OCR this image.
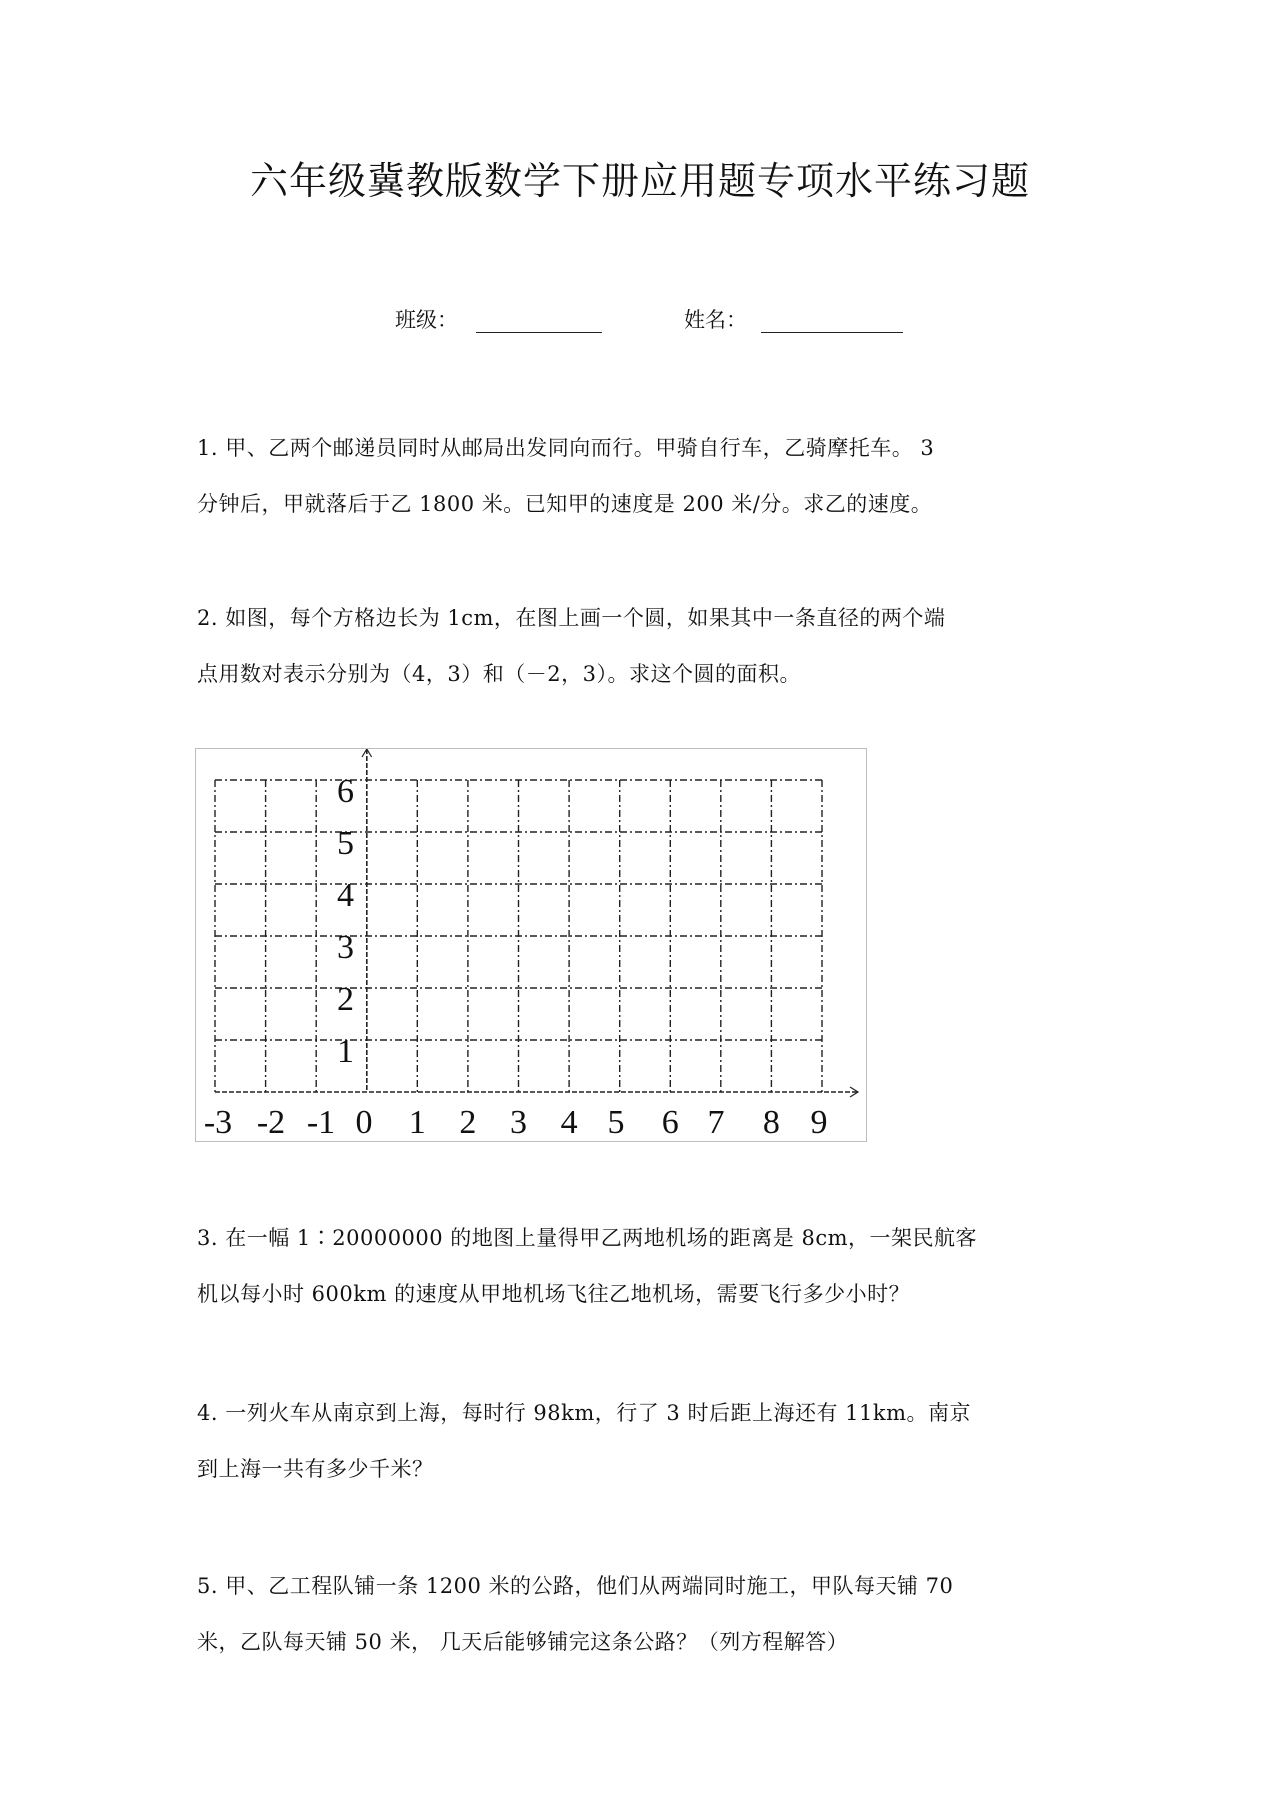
六年级冀教版数学下册应用题专项水平练习题
班级：	姓名：
1. 甲、乙两个邮递员同时从邮局出发同向而行。甲骑自行车，乙骑摩托车。 3
分钟后，甲就落后于乙 1800 米。已知甲的速度是 200 米/分。求乙的速度。
2. 如图，每个方格边长为 1cm，在图上画一个圆，如果其中一条直径的两个端
点用数对表示分别为（4，3）和（－2，3）。求这个圆的面积。
1
2
3
4
5
6
-3 -2 -1 0 1 2 3 4 5 6 7 8 9
3. 在一幅 1∶20000000 的地图上量得甲乙两地机场的距离是 8cm，一架民航客
机以每小时 600km 的速度从甲地机场飞往乙地机场，需要飞行多少小时？
4. 一列火车从南京到上海，每时行 98km，行了 3 时后距上海还有 11km。南京
到上海一共有多少千米？
5. 甲、乙工程队铺一条 1200 米的公路，他们从两端同时施工，甲队每天铺 70
米，乙队每天铺 50 米， 几天后能够铺完这条公路？（列方程解答）
